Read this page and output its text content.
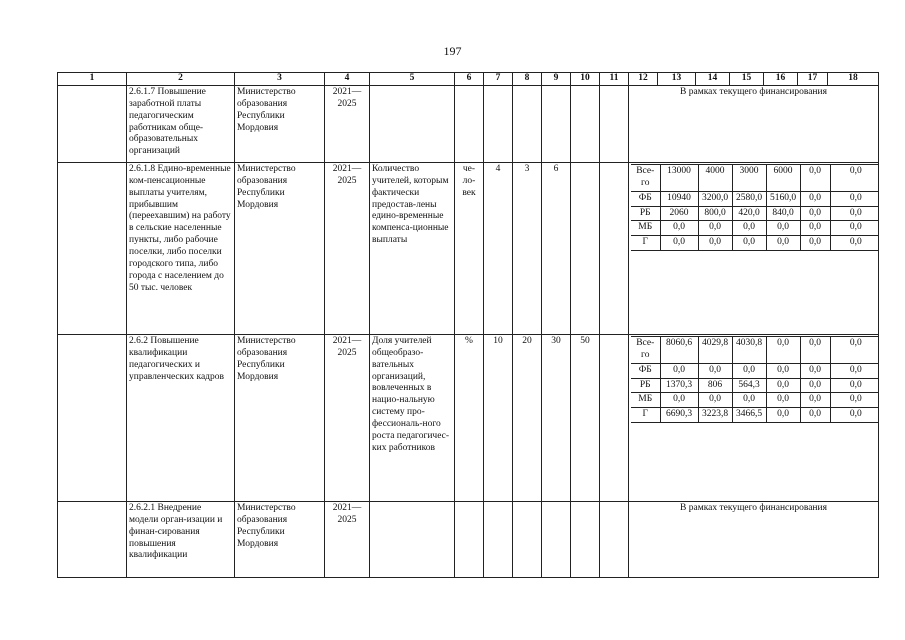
197
1	2	3	4	5	6	7	8	9	10	11	12	13	14	15	16	17	18
	2.6.1.7 Повышение заработной платы педагогическим работникам обще-образовательных организаций	Министерство образования Республики Мордовия	2021—2025								В рамках текущего финансирования
	2.6.1.8 Едино-временные ком-пенсационные выплаты учителям, прибывшим (переехавшим) на работу в сельские населенные пункты, либо рабочие поселки, либо поселки городского типа, либо города с населением до 50 тыс. человек	Министерство образования Республики Мордовия	2021—2025	Количество учителей, которым фактически предостав-лены едино-временные компенса-ционные выплаты	че-ло-век	4	3	6				Все-го	13000	4000	3000	6000	0,0	0,0
ФБ	10940	3200,0	2580,0	5160,0	0,0	0,0
РБ	2060	800,0	420,0	840,0	0,0	0,0
МБ	0,0	0,0	0,0	0,0	0,0	0,0
Г	0,0	0,0	0,0	0,0	0,0	0,0

	2.6.2 Повышение квалификации педагогических и управленческих кадров	Министерство образования Республики Мордовия	2021—2025	Доля учителей общеобразо-вательных организаций, вовлеченных в нацио-нальную систему про-фессиональ-ного роста педагогичес-ких работников	%	10	20	30	50			Все-го	8060,6	4029,8	4030,8	0,0	0,0	0,0
ФБ	0,0	0,0	0,0	0,0	0,0	0,0
РБ	1370,3	806	564,3	0,0	0,0	0,0
МБ	0,0	0,0	0,0	0,0	0,0	0,0
Г	6690,3	3223,8	3466,5	0,0	0,0	0,0

	2.6.2.1 Внедрение модели орган-изации и финан-сирования повышения квалификации	Министерство образования Республики Мордовия	2021—2025								В рамках текущего финансирования
